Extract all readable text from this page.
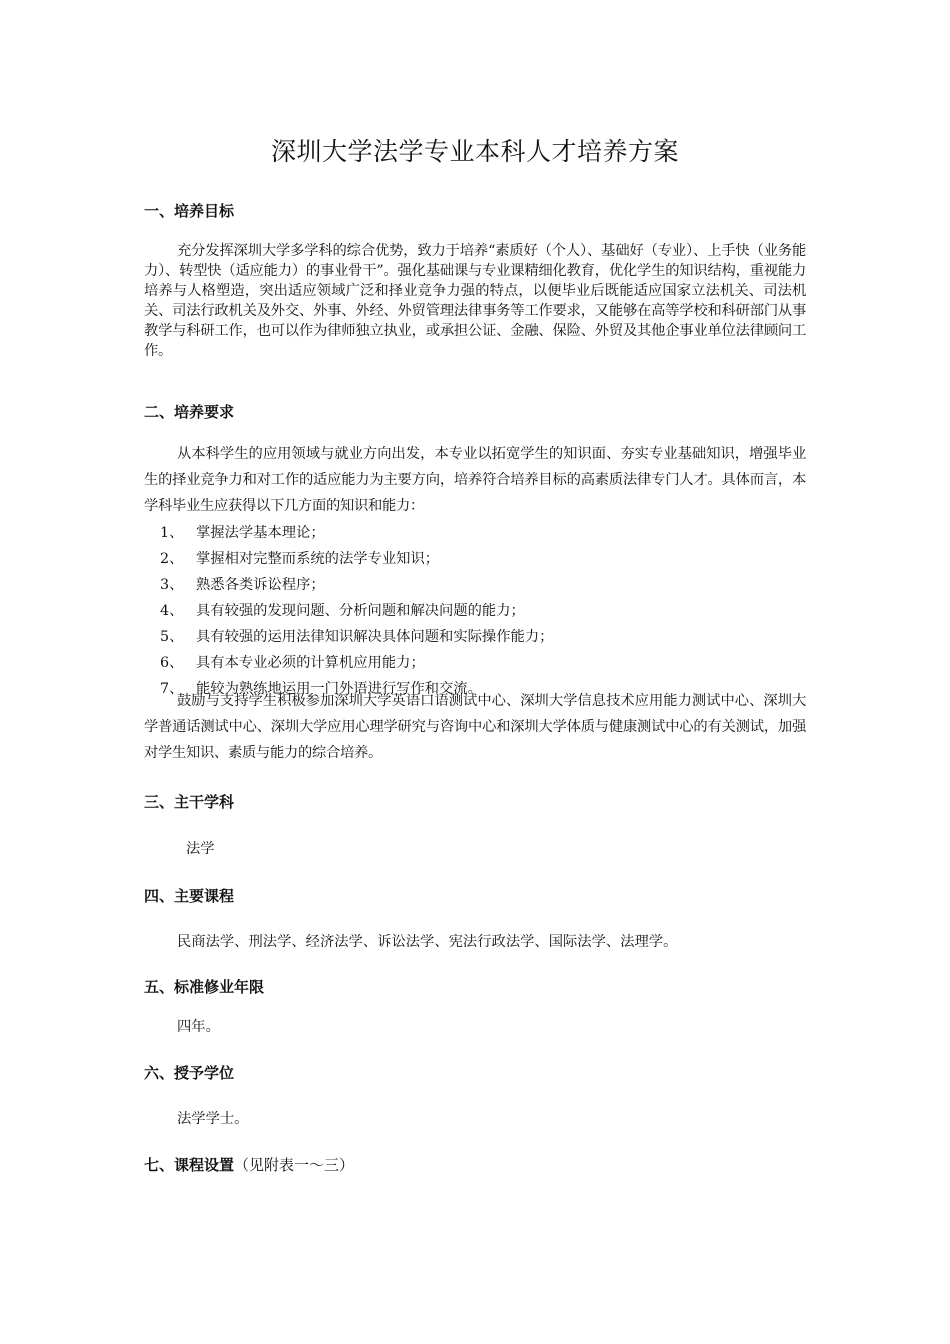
深圳大学法学专业本科人才培养方案
一、培养目标
充分发挥深圳大学多学科的综合优势，致力于培养“素质好（个人）、基础好（专业）、上手快（业务能力）、转型快（适应能力）的事业骨干”。强化基础课与专业课精细化教育，优化学生的知识结构，重视能力培养与人格塑造，突出适应领域广泛和择业竞争力强的特点，以便毕业后既能适应国家立法机关、司法机关、司法行政机关及外交、外事、外经、外贸管理法律事务等工作要求，又能够在高等学校和科研部门从事教学与科研工作，也可以作为律师独立执业，或承担公证、金融、保险、外贸及其他企事业单位法律顾问工作。
二、培养要求
从本科学生的应用领域与就业方向出发，本专业以拓宽学生的知识面、夯实专业基础知识，增强毕业生的择业竞争力和对工作的适应能力为主要方向，培养符合培养目标的高素质法律专门人才。具体而言，本学科毕业生应获得以下几方面的知识和能力：
1、 掌握法学基本理论；
2、 掌握相对完整而系统的法学专业知识；
3、 熟悉各类诉讼程序；
4、 具有较强的发现问题、分析问题和解决问题的能力；
5、 具有较强的运用法律知识解决具体问题和实际操作能力；
6、 具有本专业必须的计算机应用能力；
7、 能较为熟练地运用一门外语进行写作和交流。
鼓励与支持学生积极参加深圳大学英语口语测试中心、深圳大学信息技术应用能力测试中心、深圳大学普通话测试中心、深圳大学应用心理学研究与咨询中心和深圳大学体质与健康测试中心的有关测试，加强对学生知识、素质与能力的综合培养。
三、主干学科
法学
四、主要课程
民商法学、刑法学、经济法学、诉讼法学、宪法行政法学、国际法学、法理学。
五、标准修业年限
四年。
六、授予学位
法学学士。
七、课程设置（见附表一～三）
